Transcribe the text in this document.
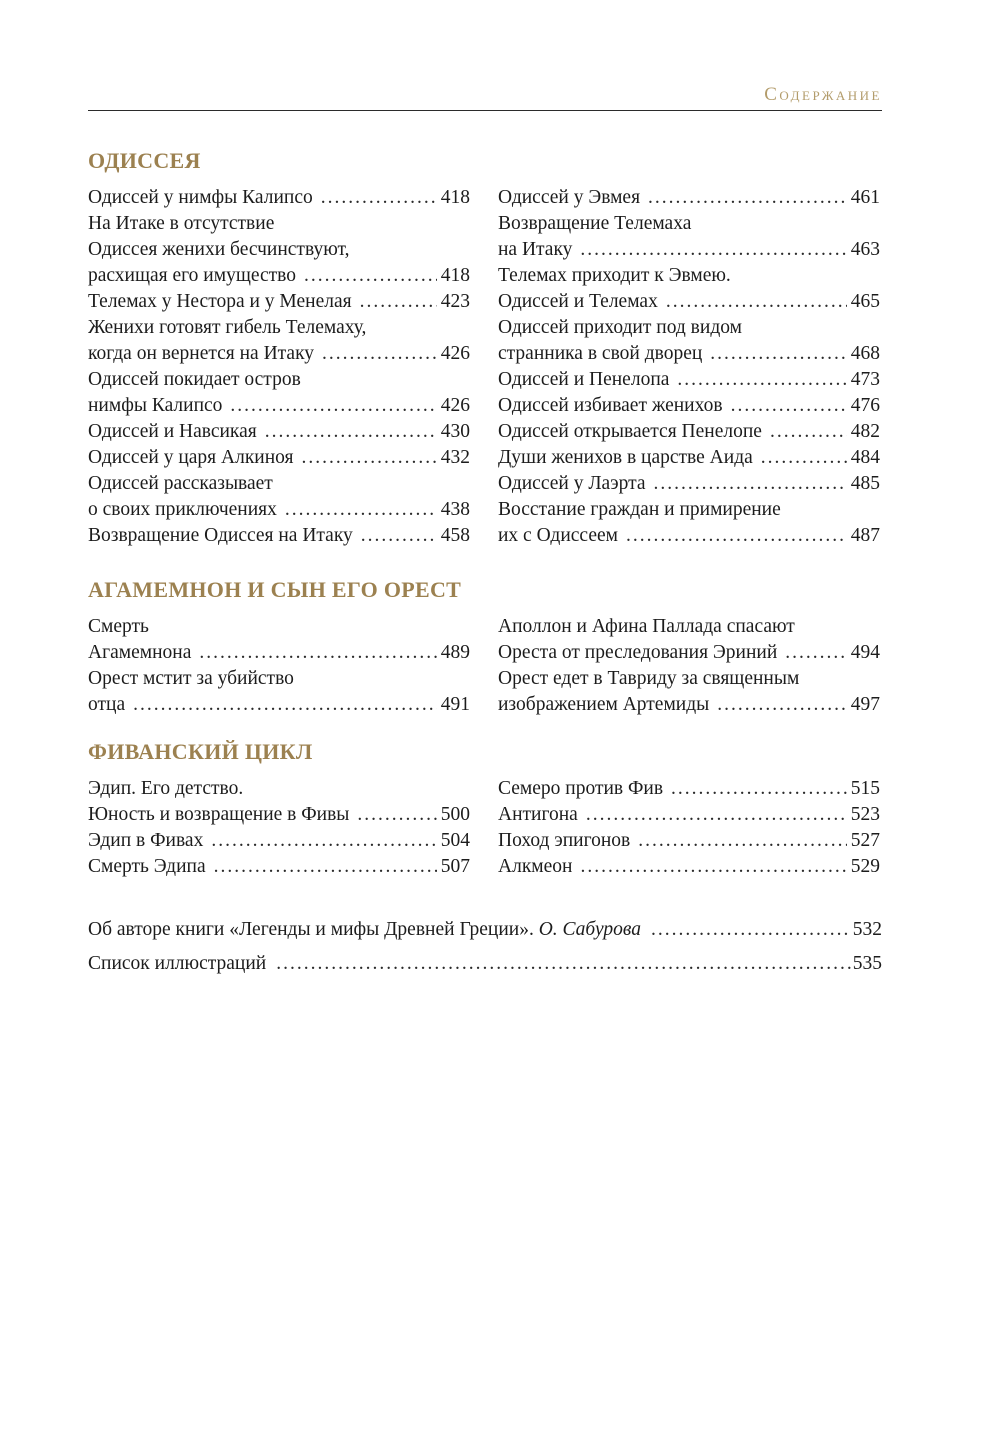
Содержание
ОДИССЕЯ
Одиссей у нимфы Калипсо .....	418
На Итаке в отсутствие
Одиссея женихи бесчинствуют,
расхищая его имущество .....	418
Телемах у Нестора и у Менелая .....	423
Женихи готовят гибель Телемаху,
когда он вернется на Итаку .....	426
Одиссей покидает остров
нимфы Калипсо .....	426
Одиссей и Навсикая .....	430
Одиссей у царя Алкиноя .....	432
Одиссей рассказывает
о своих приключениях .....	438
Возвращение Одиссея на Итаку .....	458
Одиссей у Эвмея .....	461
Возвращение Телемаха
на Итаку .....	463
Телемах приходит к Эвмею.
Одиссей и Телемах .....	465
Одиссей приходит под видом
странника в свой дворец .....	468
Одиссей и Пенелопа .....	473
Одиссей избивает женихов .....	476
Одиссей открывается Пенелопе .....	482
Души женихов в царстве Аида .....	484
Одиссей у Лаэрта .....	485
Восстание граждан и примирение
их с Одиссеем .....	487
АГАМЕМНОН И СЫН ЕГО ОРЕСТ
Смерть
Агамемнона .....	489
Орест мстит за убийство
отца .....	491
Аполлон и Афина Паллада спасают
Ореста от преследования Эриний .....	494
Орест едет в Тавриду за священным
изображением Артемиды .....	497
ФИВАНСКИЙ ЦИКЛ
Эдип. Его детство.
Юность и возвращение в Фивы .....	500
Эдип в Фивах .....	504
Смерть Эдипа .....	507
Семеро против Фив .....	515
Антигона .....	523
Поход эпигонов .....	527
Алкмеон .....	529
Об авторе книги «Легенды и мифы Древней Греции». О. Сабурова .....	532
Список иллюстраций .....	535
